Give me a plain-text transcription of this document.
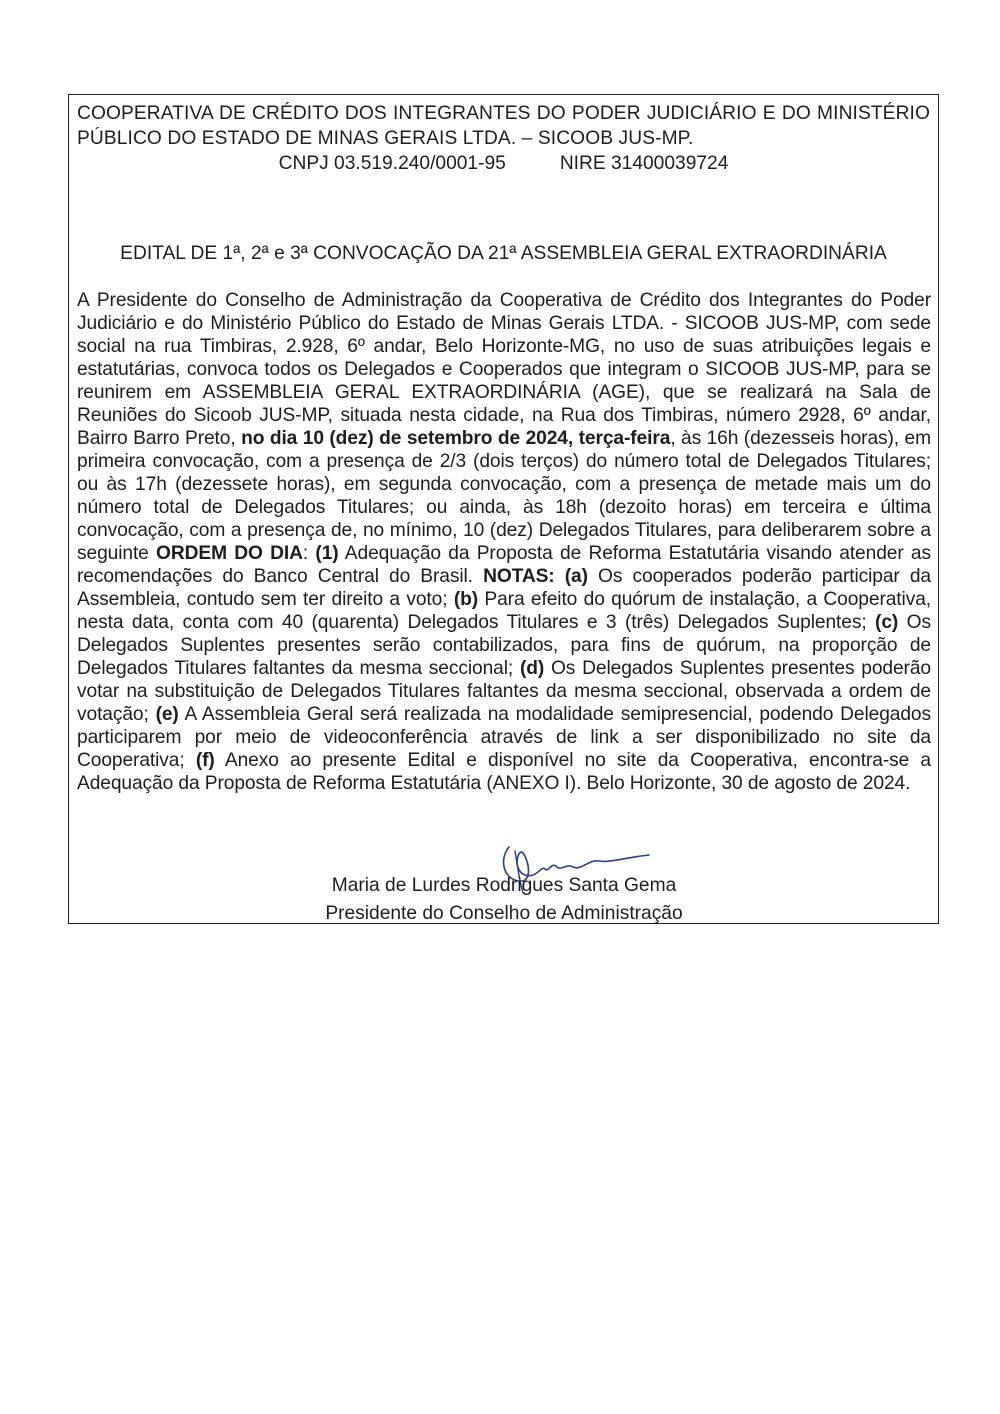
COOPERATIVA DE CRÉDITO DOS INTEGRANTES DO PODER JUDICIÁRIO E DO MINISTÉRIO PÚBLICO DO ESTADO DE MINAS GERAIS LTDA. – SICOOB JUS-MP.
CNPJ 03.519.240/0001-95	NIRE 31400039724
EDITAL DE 1ª, 2ª e 3ª CONVOCAÇÃO DA 21ª ASSEMBLEIA GERAL EXTRAORDINÁRIA
A Presidente do Conselho de Administração da Cooperativa de Crédito dos Integrantes do Poder Judiciário e do Ministério Público do Estado de Minas Gerais LTDA. - SICOOB JUS-MP, com sede social na rua Timbiras, 2.928, 6º andar, Belo Horizonte-MG, no uso de suas atribuições legais e estatutárias, convoca todos os Delegados e Cooperados que integram o SICOOB JUS-MP, para se reunirem em ASSEMBLEIA GERAL EXTRAORDINÁRIA (AGE), que se realizará na Sala de Reuniões do Sicoob JUS-MP, situada nesta cidade, na Rua dos Timbiras, número 2928, 6º andar, Bairro Barro Preto, no dia 10 (dez) de setembro de 2024, terça-feira, às 16h (dezesseis horas), em primeira convocação, com a presença de 2/3 (dois terços) do número total de Delegados Titulares; ou às 17h (dezessete horas), em segunda convocação, com a presença de metade mais um do número total de Delegados Titulares; ou ainda, às 18h (dezoito horas) em terceira e última convocação, com a presença de, no mínimo, 10 (dez) Delegados Titulares, para deliberarem sobre a seguinte ORDEM DO DIA: (1) Adequação da Proposta de Reforma Estatutária visando atender as recomendações do Banco Central do Brasil. NOTAS: (a) Os cooperados poderão participar da Assembleia, contudo sem ter direito a voto; (b) Para efeito do quórum de instalação, a Cooperativa, nesta data, conta com 40 (quarenta) Delegados Titulares e 3 (três) Delegados Suplentes; (c) Os Delegados Suplentes presentes serão contabilizados, para fins de quórum, na proporção de Delegados Titulares faltantes da mesma seccional; (d) Os Delegados Suplentes presentes poderão votar na substituição de Delegados Titulares faltantes da mesma seccional, observada a ordem de votação; (e) A Assembleia Geral será realizada na modalidade semipresencial, podendo Delegados participarem por meio de videoconferência através de link a ser disponibilizado no site da Cooperativa; (f) Anexo ao presente Edital e disponível no site da Cooperativa, encontra-se a Adequação da Proposta de Reforma Estatutária (ANEXO I). Belo Horizonte, 30 de agosto de 2024.
Maria de Lurdes Rodrigues Santa Gema
Presidente do Conselho de Administração
